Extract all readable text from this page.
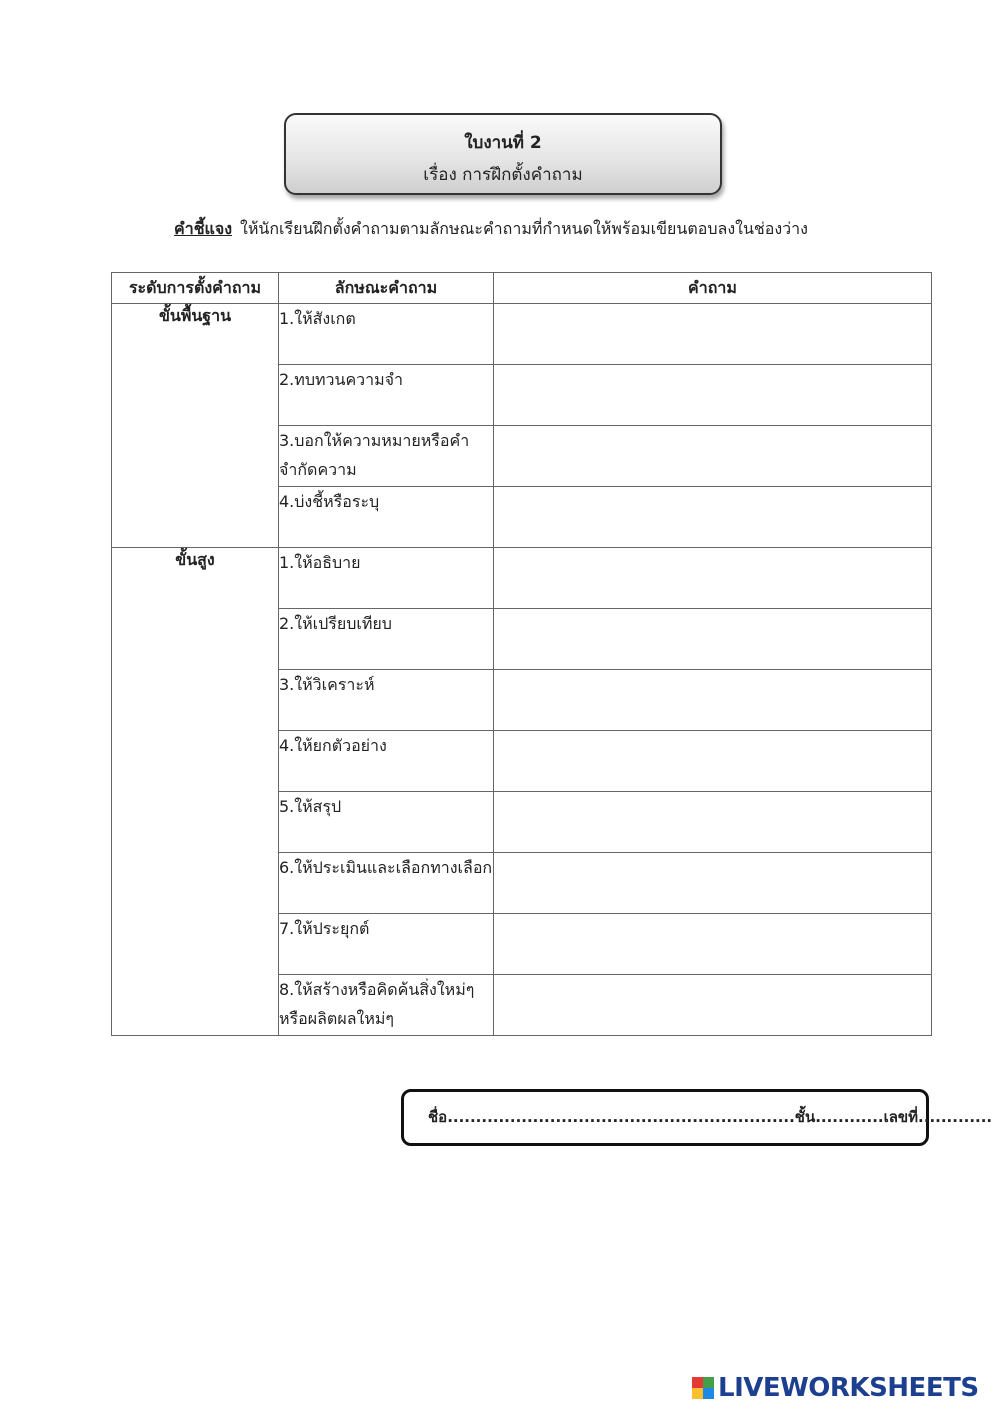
ใบงานที่ 2
เรื่อง การฝึกตั้งคำถาม
คำชี้แจง ให้นักเรียนฝึกตั้งคำถามตามลักษณะคำถามที่กำหนดให้พร้อมเขียนตอบลงในช่องว่าง
ระดับการตั้งคำถาม	ลักษณะคำถาม	คำถาม
ขั้นพื้นฐาน	1.ให้สังเกต	
	2.ทบทวนความจำ	
	3.บอกให้ความหมายหรือคำจำกัดความ	
	4.บ่งชี้หรือระบุ	
ขั้นสูง	1.ให้อธิบาย	
	2.ให้เปรียบเทียบ	
	3.ให้วิเคราะห์	
	4.ให้ยกตัวอย่าง	
	5.ให้สรุป	
	6.ให้ประเมินและเลือกทางเลือก	
	7.ให้ประยุกต์	
	8.ให้สร้างหรือคิดค้นสิ่งใหม่ๆหรือผลิตผลใหม่ๆ	
ชื่อ.............................................................ชั้น............เลขที่.............
LIVEWORKSHEETS
